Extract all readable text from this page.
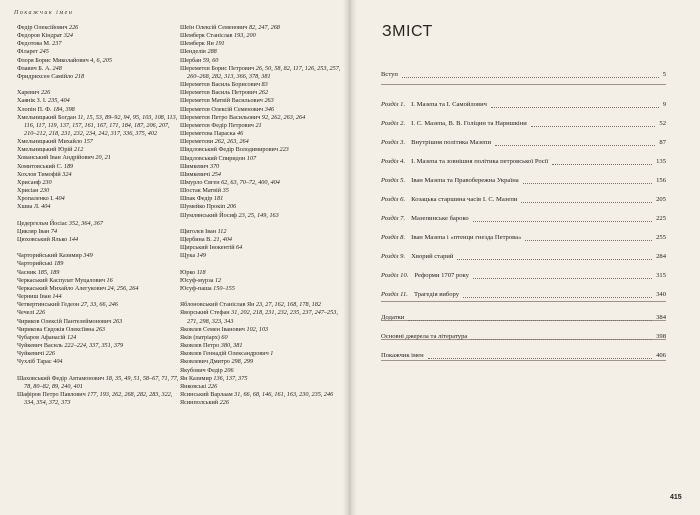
Покажчик імен
Федір Олексійович 226
Федоров Кіндрат 324
Федотова М. 237
Філарет 245
Флоря Борис Миколайович 4, 6, 205
Флавич Б. А. 248
Фридрихсен Самійло 218
Харевич 226
Хаянік З. І. 235, 404
Хлопін П. Ф. 184, 398
Хмельницький Богдан 11, 15, 53, 89–92, 94, 95, 103, 108, 113, 116, 117, 119, 137, 157, 161, 167, 171, 184, 187, 206, 207, 210–212, 218, 231, 232, 234, 242, 317, 336, 375, 402
Хмельницький Михайло 157
Хмельницький Юрій 212
Хованський Іван Андрійович 20, 21
Хомитовський С. 189
Хохлов Тимофій 324
Хрисанф 230
Хрисіан 230
Хропаленко І. 404
Хшиа Л. 404
Цедергельм Йосіас 352, 364, 367
Цикляр Іван 74
Цюховський Ялько 144
Чарторийський Казимир 349
Чарторийські 189
Часник 185, 189
Черкаський Каспулат Муцалович 16
Черкаський Михайло Алегукович 24, 256, 264
Черниш Іван 144
Четвертинський Гедеон 27, 33, 66, 246
Чечелі 226
Чириков Олексій Пантелеймонович 263
Чирикова Євдокія Олексіївна 263
Чубаров Афанасій 124
Чуйкевич Василь 222–224, 337, 351, 379
Чуйкевичі 226
Чухліб Тарас 404
Шаховський Федір Автамонович 18, 35, 49, 51, 58–67, 71, 77, 78, 80–82, 89, 240, 401
Шафіров Петро Павлович 177, 193, 262, 268, 282, 283, 322, 334, 354, 372, 373
Шеїн Олексій Семенович 82, 247, 268
Шемберк Станіслав 193, 200
Шемберк Ян 191
Шенделів 288
Шербан 59, 60
Шереметєв Борис Петрович 26, 50, 58, 82, 117, 126, 253, 257, 260–268, 282, 313, 366, 378, 381
Шереметєв Василь Борисович 83
Шереметєв Василь Петрович 262
Шереметєв Матвій Васильович 263
Шереметєв Олексій Семенович 346
Шереметєв Петро Васильович 92, 262, 263, 264
Шереметєв Федір Петрович 21
Шереметєва Параска 46
Шереметєви 262, 263, 264
Шидловський Федір Володимирович 223
Шидловський Спиридон 107
Шимкевич 370
Шимкевичі 254
Шмурло Євген 62, 63, 70–72, 400, 404
Шостак Матвій 35
Шпак Федір 181
Шумейко Прокіп 206
Шумлянський Йосиф 23, 25, 149, 163
Щиголєв Іван 112
Щербина В. 21, 404
Щирський Інокентій 64
Щука 149
Юрко 118
Юсуф-мурза 12
Юсуф-паша 150–155
Яблоновський Станіслав Ян 23, 27, 162, 168, 178, 182
Яворський Стефан 31, 202, 218, 231, 232, 235, 237, 247–253, 271, 298, 323, 343
Яковлев Семен Іванович 102, 103
Яків (патріарх) 60
Яковлев Петро 380, 381
Яковлев Геннадій Олександрович 1
Яковлевич Дмитро 298, 299
Якубович Федір 206
Ян Казимир 136, 137, 375
Янковські 226
Ясинський Варлаам 31, 66, 68, 146, 161, 163, 230, 235, 246
Ясинполський 226
ЗМІСТ
Вступ	5
Розділ 1. І. Мазепа та І. Самойлович	9
Розділ 2. І. С. Мазепа, В. В. Голіцин та Наришкіни	52
Розділ 3. Внутрішня політика Мазепи	87
Розділ 4. І. Мазепа та зовнішня політика петровської Росії	135
Розділ 5. Іван Мазепа та Правобережна Україна	156
Розділ 6. Козацька старшина часів І. С. Мазепи	205
Розділ 7. Мазепинське бароко	225
Розділ 8. Іван Мазепа і «птенци гнезда Петрова»	255
Розділ 9. Хворий старий	284
Розділ 10. Реформи 1707 року	315
Розділ 11. Трагедія вибору	340
Додатки	384
Основні джерела та література	398
Покажчик імен	406
415
